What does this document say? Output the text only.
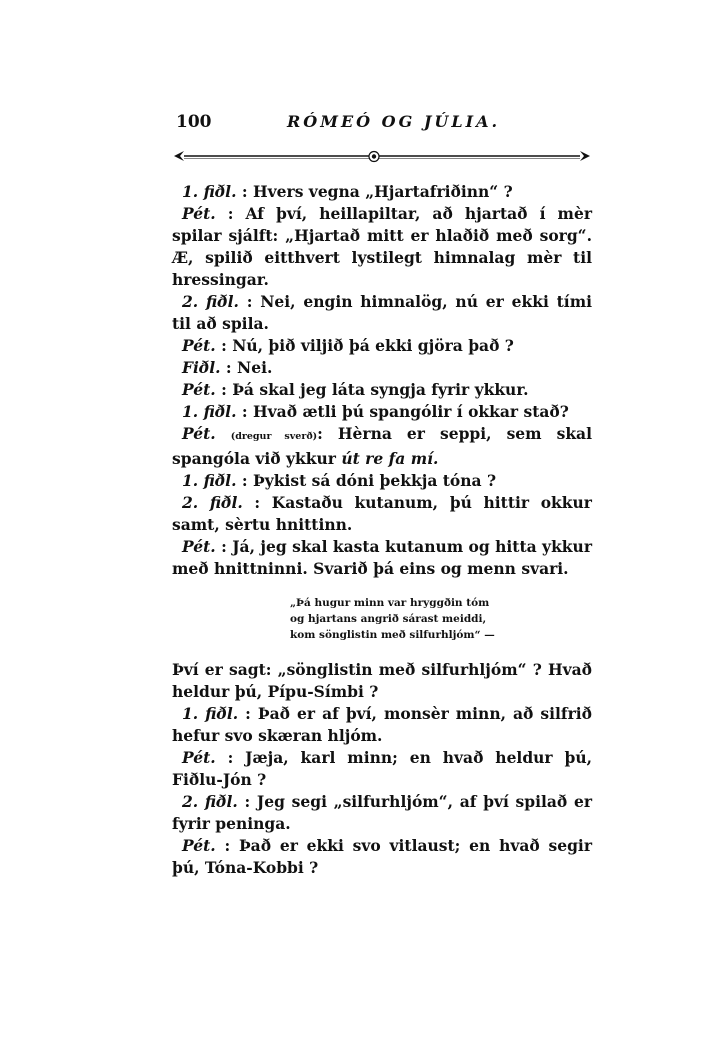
100	RÓMEÓ OG JÚLIA.

1. fiðl. : Hvers vegna „Hjartafriðinn“ ?

Pét. : Af því, heillapiltar, að hjartað í mèr spilar sjálft: „Hjartað mitt er hlaðið með sorg“. Æ, spilið eitthvert lystilegt himnalag mèr til hressingar.

2. fiðl. : Nei, engin himnalög, nú er ekki tími til að spila.

Pét. : Nú, þið viljið þá ekki gjöra það ?

Fiðl. : Nei.

Pét. : Þá skal jeg láta syngja fyrir ykkur.

1. fiðl. : Hvað ætli þú spangólir í okkar stað?

Pét. (dregur sverð): Hèrna er seppi, sem skal spangóla við ykkur út re fa mí.

1. fiðl. : Þykist sá dóni þekkja tóna ?

2. fiðl. : Kastaðu kutanum, þú hittir okkur samt, sèrtu hnittinn.

Pét. : Já, jeg skal kasta kutanum og hitta ykkur með hnittninni. Svarið þá eins og menn svari.

„Þá hugur minn var hryggðin tóm
og hjartans angrið sárast meiddi,
kom sönglistin með silfurhljóm“ —

Því er sagt: „sönglistin með silfurhljóm“ ? Hvað heldur þú, Pípu-Símbi ?

1. fiðl. : Það er af því, monsèr minn, að silfrið hefur svo skæran hljóm.

Pét. : Jæja, karl minn; en hvað heldur þú, Fiðlu-Jón ?

2. fiðl. : Jeg segi „silfurhljóm“, af því spilað er fyrir peninga.

Pét. : Það er ekki svo vitlaust; en hvað segir þú, Tóna-Kobbi ?
